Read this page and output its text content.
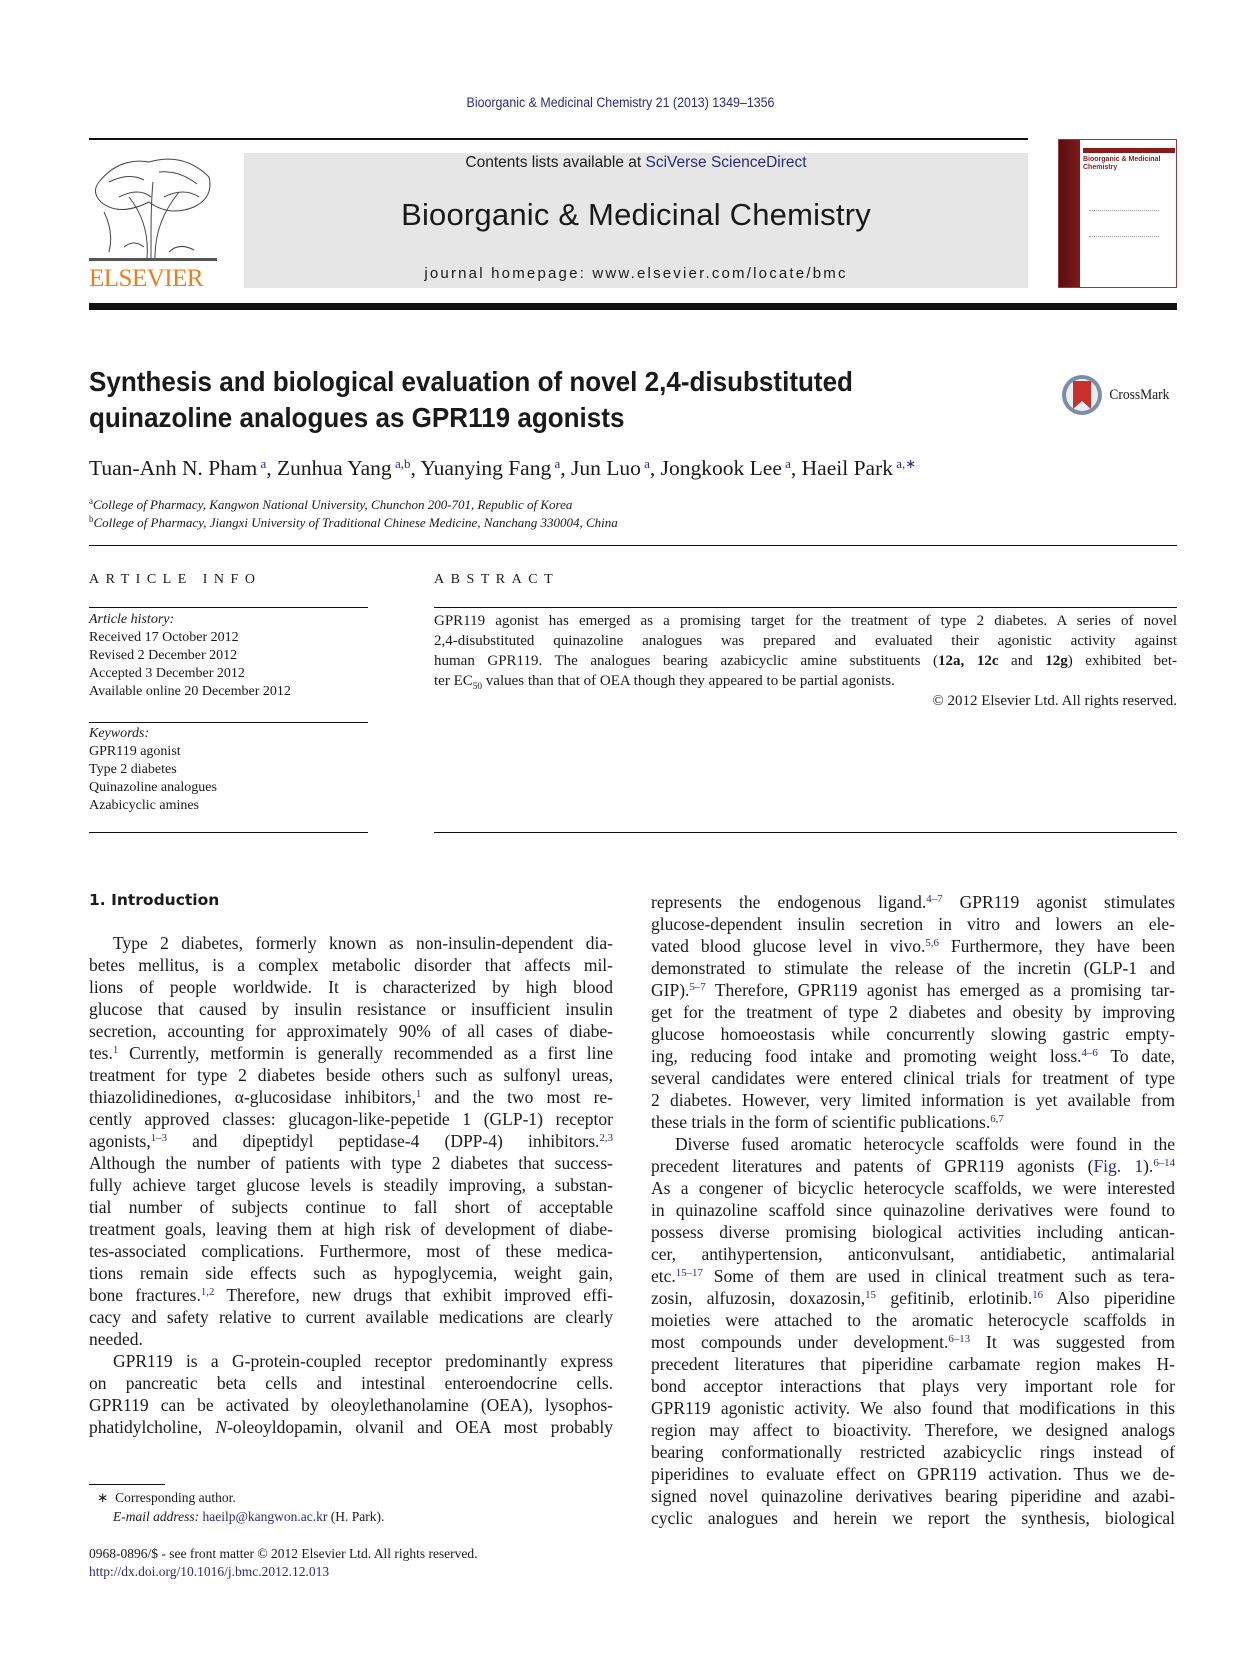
Bioorganic & Medicinal Chemistry 21 (2013) 1349–1356
ELSEVIER
Contents lists available at SciVerse ScienceDirect
Bioorganic & Medicinal Chemistry
journal homepage: www.elsevier.com/locate/bmc
Bioorganic & Medicinal Chemistry
Synthesis and biological evaluation of novel 2,4-disubstituted
quinazoline analogues as GPR119 agonists
CrossMark
Tuan-Anh N. Pham $^a$, Zunhua Yang $^{a,b}$, Yuanying Fang $^a$, Jun Luo $^a$, Jongkook Lee $^a$, Haeil Park $^{a,∗}$
$^a$College of Pharmacy, Kangwon National University, Chunchon 200-701, Republic of Korea
$^b$College of Pharmacy, Jiangxi University of Traditional Chinese Medicine, Nanchang 330004, China
ARTICLE INFO
Article history:
Received 17 October 2012
Revised 2 December 2012
Accepted 3 December 2012
Available online 20 December 2012
Keywords:
GPR119 agonist
Type 2 diabetes
Quinazoline analogues
Azabicyclic amines
ABSTRACT
GPR119 agonist has emerged as a promising target for the treatment of type 2 diabetes. A series of novel
2,4-disubstituted quinazoline analogues was prepared and evaluated their agonistic activity against
human GPR119. The analogues bearing azabicyclic amine substituents (12a, 12c and 12g) exhibited bet-
ter $EC_{50}$ values than that of OEA though they appeared to be partial agonists.
© 2012 Elsevier Ltd. All rights reserved.
1. Introduction
Type 2 diabetes, formerly known as non-insulin-dependent dia-
betes mellitus, is a complex metabolic disorder that affects mil-
lions of people worldwide. It is characterized by high blood
glucose that caused by insulin resistance or insufficient insulin
secretion, accounting for approximately 90% of all cases of diabe-
tes.$^1$ Currently, metformin is generally recommended as a first line
treatment for type 2 diabetes beside others such as sulfonyl ureas,
thiazolidinediones, α-glucosidase inhibitors,$^1$ and the two most re-
cently approved classes: glucagon-like-pepetide 1 (GLP-1) receptor
agonists,$^{1-3}$ and dipeptidyl peptidase-4 (DPP-4) inhibitors.$^{2,3}$
Although the number of patients with type 2 diabetes that success-
fully achieve target glucose levels is steadily improving, a substan-
tial number of subjects continue to fall short of acceptable
treatment goals, leaving them at high risk of development of diabe-
tes-associated complications. Furthermore, most of these medica-
tions remain side effects such as hypoglycemia, weight gain,
bone fractures.$^{1,2}$ Therefore, new drugs that exhibit improved effi-
cacy and safety relative to current available medications are clearly
needed.
GPR119 is a G-protein-coupled receptor predominantly express
on pancreatic beta cells and intestinal enteroendocrine cells.
GPR119 can be activated by oleoylethanolamine (OEA), lysophos-
phatidylcholine, N-oleoyldopamin, olvanil and OEA most probably
represents the endogenous ligand.$^{4-7}$ GPR119 agonist stimulates
glucose-dependent insulin secretion in vitro and lowers an ele-
vated blood glucose level in vivo.$^{5,6}$ Furthermore, they have been
demonstrated to stimulate the release of the incretin (GLP-1 and
GIP).$^{5-7}$ Therefore, GPR119 agonist has emerged as a promising tar-
get for the treatment of type 2 diabetes and obesity by improving
glucose homoeostasis while concurrently slowing gastric empty-
ing, reducing food intake and promoting weight loss.$^{4-6}$ To date,
several candidates were entered clinical trials for treatment of type
2 diabetes. However, very limited information is yet available from
these trials in the form of scientific publications.$^{6,7}$
Diverse fused aromatic heterocycle scaffolds were found in the
precedent literatures and patents of GPR119 agonists (Fig. 1).$^{6-14}$
As a congener of bicyclic heterocycle scaffolds, we were interested
in quinazoline scaffold since quinazoline derivatives were found to
possess diverse promising biological activities including antican-
cer, antihypertension, anticonvulsant, antidiabetic, antimalarial
etc.$^{15-17}$ Some of them are used in clinical treatment such as tera-
zosin, alfuzosin, doxazosin,$^{15}$ gefitinib, erlotinib.$^{16}$ Also piperidine
moieties were attached to the aromatic heterocycle scaffolds in
most compounds under development.$^{6-13}$ It was suggested from
precedent literatures that piperidine carbamate region makes H-
bond acceptor interactions that plays very important role for
GPR119 agonistic activity. We also found that modifications in this
region may affect to bioactivity. Therefore, we designed analogs
bearing conformationally restricted azabicyclic rings instead of
piperidines to evaluate effect on GPR119 activation. Thus we de-
signed novel quinazoline derivatives bearing piperidine and azabi-
cyclic analogues and herein we report the synthesis, biological
∗ Corresponding author.
E-mail address: haeilp@kangwon.ac.kr (H. Park).
0968-0896/$ - see front matter © 2012 Elsevier Ltd. All rights reserved.
http://dx.doi.org/10.1016/j.bmc.2012.12.013
